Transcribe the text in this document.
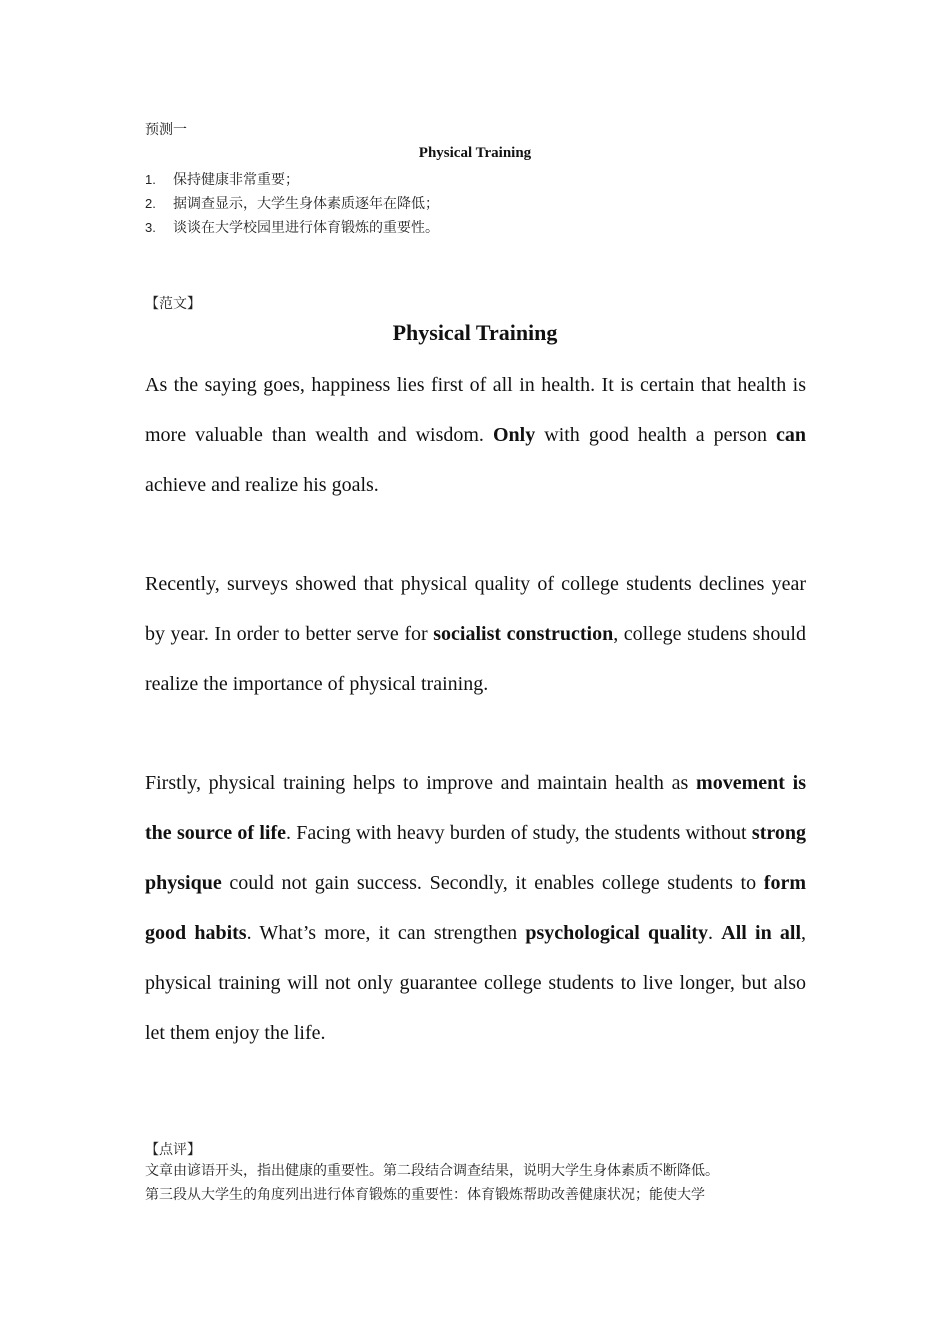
预测一
Physical Training
1. 保持健康非常重要；
2. 据调查显示，大学生身体素质逐年在降低；
3. 谈谈在大学校园里进行体育锻炼的重要性。
【范文】
Physical Training
As the saying goes, happiness lies first of all in health. It is certain that health is more valuable than wealth and wisdom. Only with good health a person can achieve and realize his goals.
Recently, surveys showed that physical quality of college students declines year by year. In order to better serve for socialist construction, college studens should realize the importance of physical training.
Firstly, physical training helps to improve and maintain health as movement is the source of life. Facing with heavy burden of study, the students without strong physique could not gain success. Secondly, it enables college students to form good habits. What’s more, it can strengthen psychological quality. All in all, physical training will not only guarantee college students to live longer, but also let them enjoy the life.
【点评】
文章由谚语开头，指出健康的重要性。第二段结合调查结果，说明大学生身体素质不断降低。
第三段从大学生的角度列出进行体育锻炼的重要性：体育锻炼帮助改善健康状况；能使大学
